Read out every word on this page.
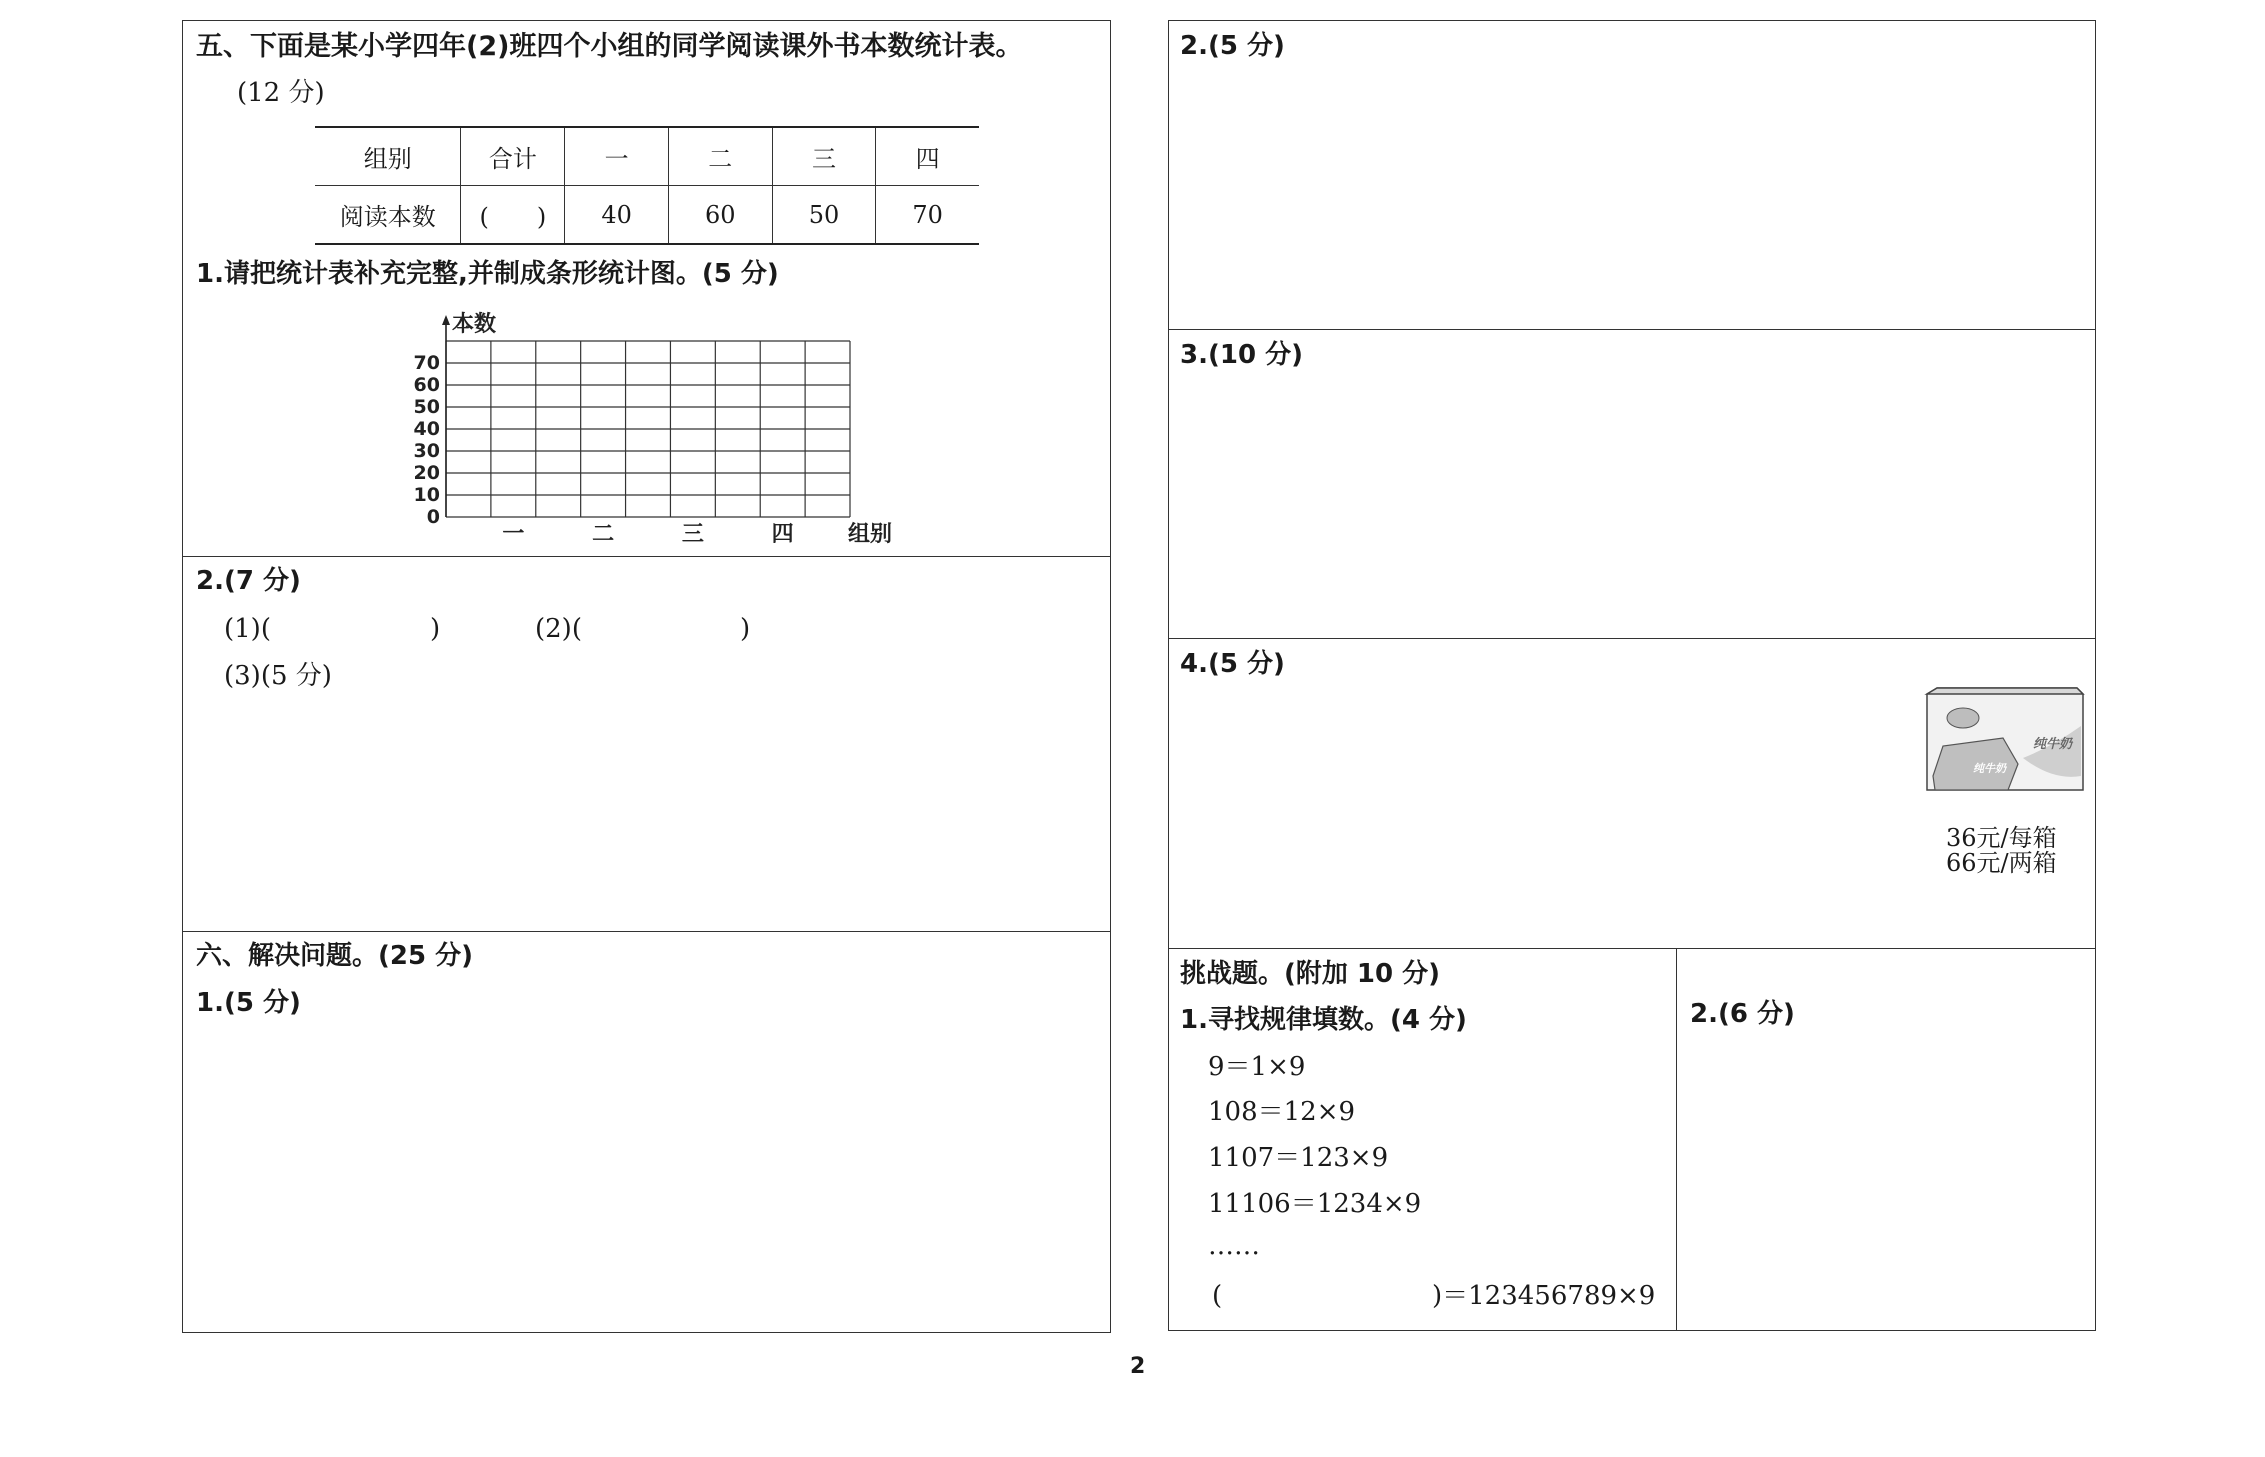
五、下面是某小学四年(2)班四个小组的同学阅读课外书本数统计表。
(12 分)
组别	合计	一	二	三	四
阅读本数	(　　)	40	60	50	70
1.请把统计表补充完整,并制成条形统计图。(5 分)
本数
0
10
20
30
40
50
60
70
一	二	三	四 组别
2.(7 分)
(1)(	)	(2)(	)
(3)(5 分)
六、解决问题。(25 分)
1.(5 分)
2.(5 分)
3.(10 分)
4.(5 分)
纯牛奶
纯牛奶
36元/每箱
66元/两箱
挑战题。(附加 10 分)
1.寻找规律填数。(4 分)
9＝1×9
108＝12×9
1107＝123×9
11106＝1234×9
……
(	)＝123456789×9
2.(6 分)
2
